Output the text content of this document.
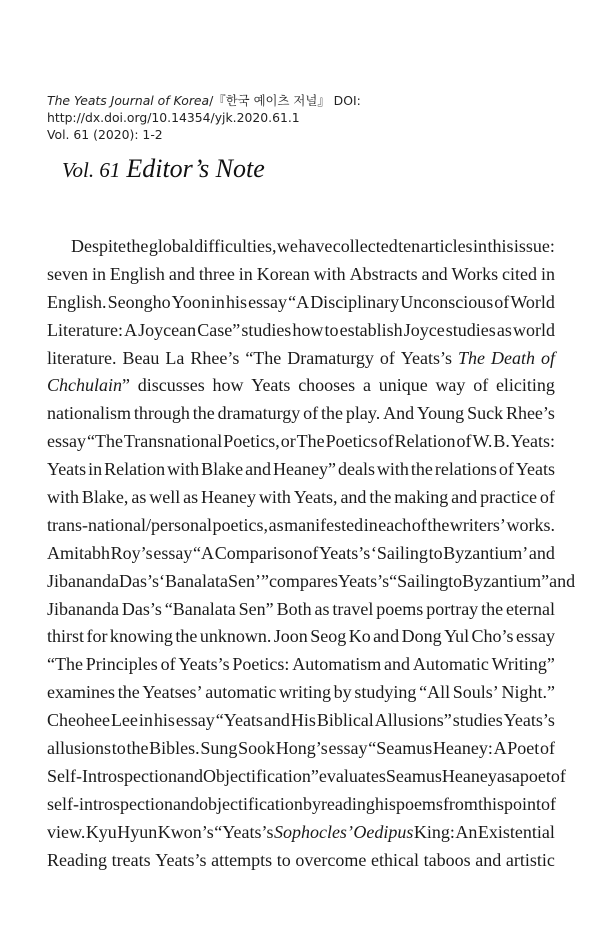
The Yeats Journal of Korea/『한국 예이츠 저널』 DOI: http://dx.doi.org/10.14354/yjk.2020.61.1
Vol. 61 (2020): 1-2
Vol. 61 Editor’s Note
Despite the global difficulties, we have collected ten articles in this issue:
seven in English and three in Korean with Abstracts and Works cited in
English. Seongho Yoon in his essay “A Disciplinary Unconscious of World
Literature: A Joycean Case” studies how to establish Joyce studies as world
literature. Beau La Rhee’s “The Dramaturgy of Yeats’s The Death of
Chchulain” discusses how Yeats chooses a unique way of eliciting
nationalism through the dramaturgy of the play. And Young Suck Rhee’s
essay “The Transnational Poetics, or The Poetics of Relation of W. B. Yeats:
Yeats in Relation with Blake and Heaney” deals with the relations of Yeats
with Blake, as well as Heaney with Yeats, and the making and practice of
trans-national/personal poetics, as manifested in each of the writers’ works.
Amitabh Roy’s essay “A Comparison of Yeats’s ‘Sailing to Byzantium’ and
Jibananda Das’s ‘Banalata Sen’” compares Yeats’s “Sailing to Byzantium” and
Jibananda Das’s “Banalata Sen” Both as travel poems portray the eternal
thirst for knowing the unknown. Joon Seog Ko and Dong Yul Cho’s essay
“The Principles of Yeats’s Poetics: Automatism and Automatic Writing”
examines the Yeatses’ automatic writing by studying “All Souls’ Night.”
Cheohee Lee in his essay “Yeats and His Biblical Allusions” studies Yeats’s
allusions to the Bibles. Sung Sook Hong’s essay “Seamus Heaney: A Poet of
Self-Introspection and Objectification” evaluates Seamus Heaney as a poet of
self-introspection and objectification by reading his poems from this point of
view. Kyu Hyun Kwon’s “Yeats’s Sophocles’ Oedipus King: An Existential
Reading treats Yeats’s attempts to overcome ethical taboos and artistic
